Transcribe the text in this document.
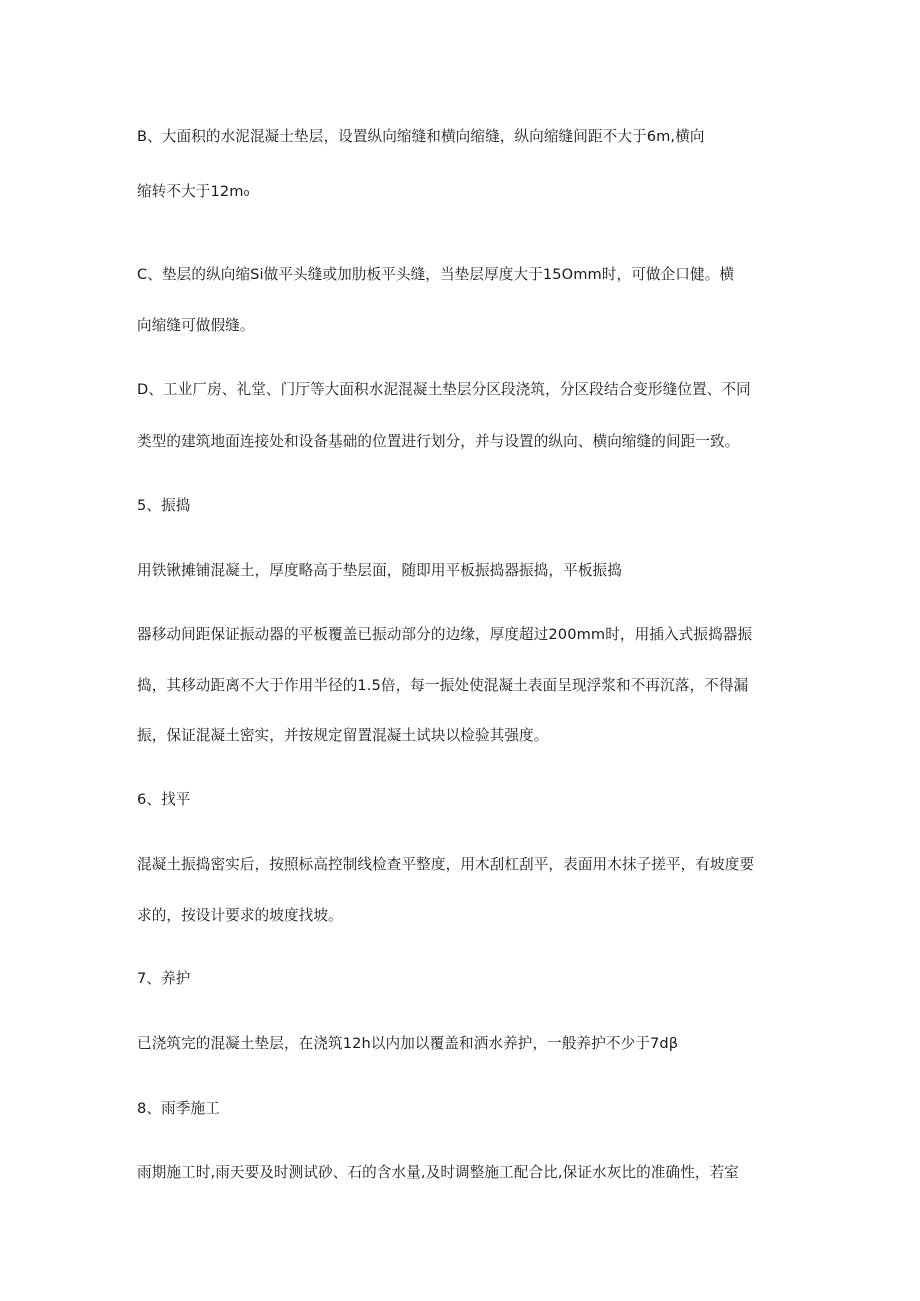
B、大面积的水泥混凝士垫层，设置纵向缩缝和横向缩缝，纵向缩缝间距不大于6m,横向
缩转不大于12m₀
C、垫层的纵向缩Si做平头缝或加肋板平头缝，当垫层厚度大于15Omm时，可做企口健。横
向缩缝可做假缝。
D、工业厂房、礼堂、门厅等大面积水泥混凝土垫层分区段浇筑，分区段结合变形缝位置、不同
类型的建筑地面连接处和设备基础的位置进行划分，并与设置的纵向、横向缩缝的间距一致。
5、振捣
用铁锹摊铺混凝土，厚度略高于垫层面，随即用平板振捣器振捣，平板振捣
器移动间距保证振动器的平板覆盖已振动部分的边缘，厚度超过200mm时，用插入式振捣器振
捣，其移动距离不大于作用半径的1.5倍，每一振处使混凝土表面呈现浮浆和不再沉落，不得漏
振，保证混凝土密实，并按规定留置混凝土试块以检验其强度。
6、找平
混凝土振捣密实后，按照标高控制线检查平整度，用木刮杠刮平，表面用木抹子搓平，有坡度要
求的，按设计要求的坡度找坡。
7、养护
已浇筑完的混凝土垫层，在浇筑12h以内加以覆盖和洒水养护，一般养护不少于7dβ
8、雨季施工
雨期施工时,雨天要及时测试砂、石的含水量,及时调整施工配合比,保证水灰比的准确性，若室
